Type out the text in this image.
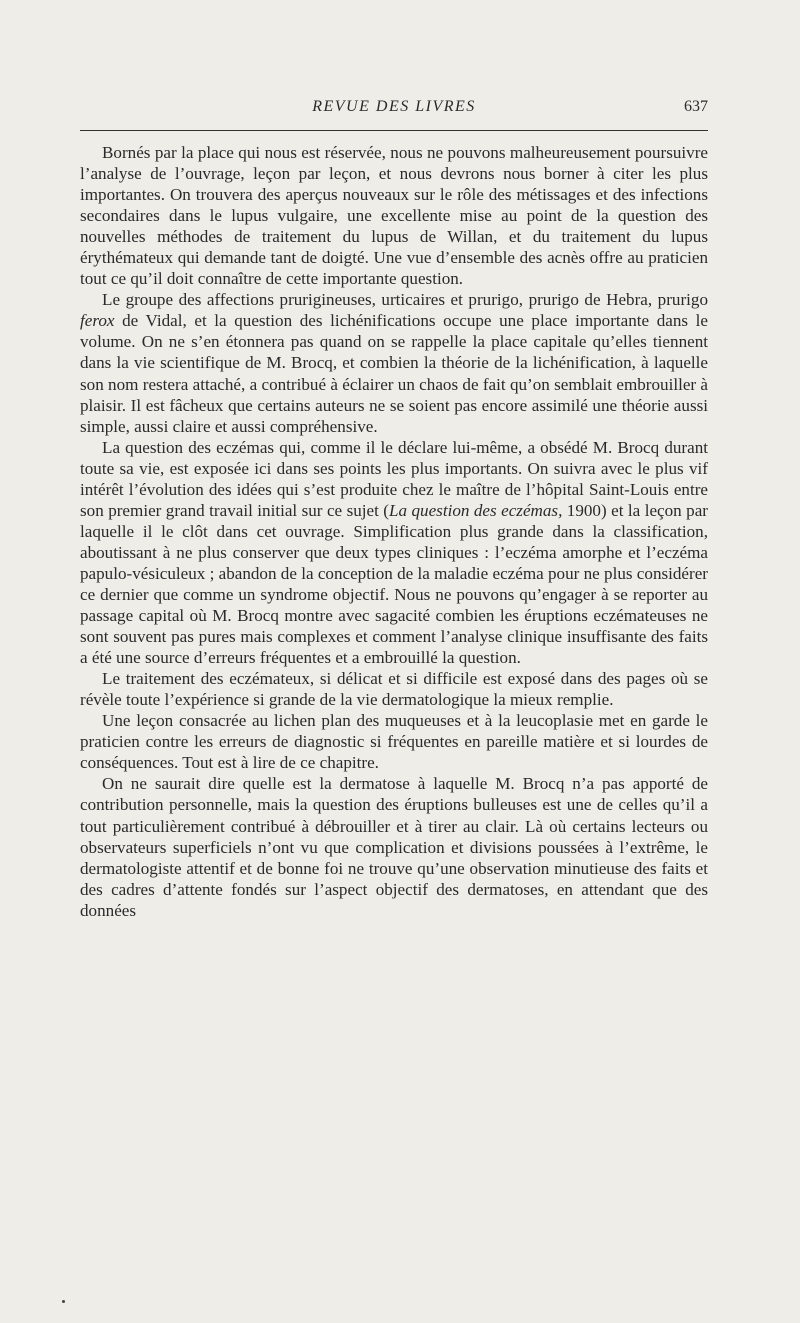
REVUE DES LIVRES	637

Bornés par la place qui nous est réservée, nous ne pouvons malheureusement poursuivre l’analyse de l’ouvrage, leçon par leçon, et nous devrons nous borner à citer les plus importantes. On trouvera des aperçus nouveaux sur le rôle des métissages et des infections secondaires dans le lupus vulgaire, une excellente mise au point de la question des nouvelles méthodes de traitement du lupus de Willan, et du traitement du lupus érythémateux qui demande tant de doigté. Une vue d’ensemble des acnès offre au praticien tout ce qu’il doit connaître de cette importante question.

Le groupe des affections prurigineuses, urticaires et prurigo, prurigo de Hebra, prurigo ferox de Vidal, et la question des lichénifications occupe une place importante dans le volume. On ne s’en étonnera pas quand on se rappelle la place capitale qu’elles tiennent dans la vie scientifique de M. Brocq, et combien la théorie de la lichénification, à laquelle son nom restera attaché, a contribué à éclairer un chaos de fait qu’on semblait embrouiller à plaisir. Il est fâcheux que certains auteurs ne se soient pas encore assimilé une théorie aussi simple, aussi claire et aussi compréhensive.

La question des eczémas qui, comme il le déclare lui-même, a obsédé M. Brocq durant toute sa vie, est exposée ici dans ses points les plus importants. On suivra avec le plus vif intérêt l’évolution des idées qui s’est produite chez le maître de l’hôpital Saint-Louis entre son premier grand travail initial sur ce sujet (La question des eczémas, 1900) et la leçon par laquelle il le clôt dans cet ouvrage. Simplification plus grande dans la classification, aboutissant à ne plus conserver que deux types cliniques : l’eczéma amorphe et l’eczéma papulo-vésiculeux ; abandon de la conception de la maladie eczéma pour ne plus considérer ce dernier que comme un syndrome objectif. Nous ne pouvons qu’engager à se reporter au passage capital où M. Brocq montre avec sagacité combien les éruptions eczémateuses ne sont souvent pas pures mais complexes et comment l’analyse clinique insuffisante des faits a été une source d’erreurs fréquentes et a embrouillé la question.

Le traitement des eczémateux, si délicat et si difficile est exposé dans des pages où se révèle toute l’expérience si grande de la vie dermatologique la mieux remplie.

Une leçon consacrée au lichen plan des muqueuses et à la leucoplasie met en garde le praticien contre les erreurs de diagnostic si fréquentes en pareille matière et si lourdes de conséquences. Tout est à lire de ce chapitre.

On ne saurait dire quelle est la dermatose à laquelle M. Brocq n’a pas apporté de contribution personnelle, mais la question des éruptions bulleuses est une de celles qu’il a tout particulièrement contribué à débrouiller et à tirer au clair. Là où certains lecteurs ou observateurs superficiels n’ont vu que complication et divisions poussées à l’extrême, le dermatologiste attentif et de bonne foi ne trouve qu’une observation minutieuse des faits et des cadres d’attente fondés sur l’aspect objectif des dermatoses, en attendant que des données
